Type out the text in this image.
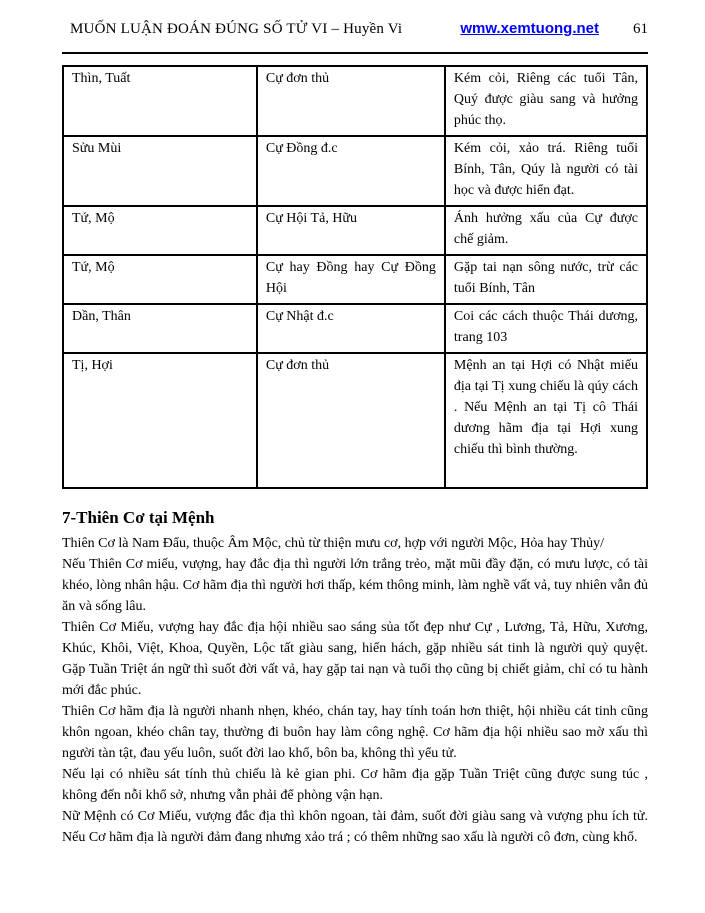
MUỐN LUẬN ĐOÁN ĐÚNG SỐ TỬ VI – Huyền Vi	wmw.xemtuong.net 61
Thìn, Tuất	Cự đơn thủ	Kém cỏi, Riêng các tuổi Tân, Quý được giàu sang và hưởng phúc thọ.
Sửu Mùi	Cự Đồng đ.c	Kém cỏi, xảo trá. Riêng tuổi Bính, Tân, Qúy là người có tài học và được hiển đạt.
Tứ, Mộ	Cự Hội Tả, Hữu	Ánh hưởng xấu của Cự được chế giảm.
Tứ, Mộ	Cự hay Đồng hay Cự Đồng Hội	Gặp tai nạn sông nước, trừ các tuổi Bính, Tân
Dần, Thân	Cự Nhật đ.c	Coi các cách thuộc Thái dương, trang 103
Tị, Hợi	Cự đơn thủ	Mệnh an tại Hợi có Nhật miếu địa tại Tị xung chiếu là qúy cách . Nếu Mệnh an tại Tị cô Thái dương hãm địa tại Hợi xung chiếu thì bình thường.
7-Thiên Cơ tại Mệnh

Thiên Cơ là Nam Đẩu, thuộc Âm Mộc, chủ từ thiện mưu cơ, hợp với người Mộc, Hỏa hay Thủy/

Nếu Thiên Cơ miếu, vượng, hay đắc địa thì người lớn trắng trẻo, mặt mũi đầy đặn, có mưu lược, có tài khéo, lòng nhân hậu. Cơ hãm địa thì người hơi thấp, kém thông minh, làm nghề vất vả, tuy nhiên vẫn đủ ăn và sống lâu.

Thiên Cơ Miếu, vượng hay đắc địa hội nhiều sao sáng sủa tốt đẹp như Cự , Lương, Tả, Hữu, Xương, Khúc, Khôi, Việt, Khoa, Quyền, Lộc tất giàu sang, hiển hách, gặp nhiều sát tinh là người quỷ quyệt. Gặp Tuần Triệt án ngữ thì suốt đời vất vả, hay gặp tai nạn và tuổi thọ cũng bị chiết giảm, chỉ có tu hành mới đắc phúc.

Thiên Cơ hãm địa là người nhanh nhẹn, khéo, chán tay, hay tính toán hơn thiệt, hội nhiều cát tinh cũng khôn ngoan, khéo chân tay, thường đi buôn hay làm công nghệ. Cơ hãm địa hội nhiều sao mờ xấu thì người tàn tật, đau yếu luôn, suốt đời lao khổ, bôn ba, không thì yểu tử.

Nếu lại có nhiều sát tính thủ chiếu là kẻ gian phi. Cơ hãm địa gặp Tuần Triệt cũng được sung túc , không đến nỗi khổ sở, nhưng vẫn phải để phòng vận hạn.

Nữ Mệnh có Cơ Miếu, vượng đắc địa thì khôn ngoan, tài đảm, suốt đời giàu sang và vượng phu ích tử. Nếu Cơ hãm địa là người đảm đang nhưng xảo trá ; có thêm những sao xấu là người cô đơn, cùng khổ.
